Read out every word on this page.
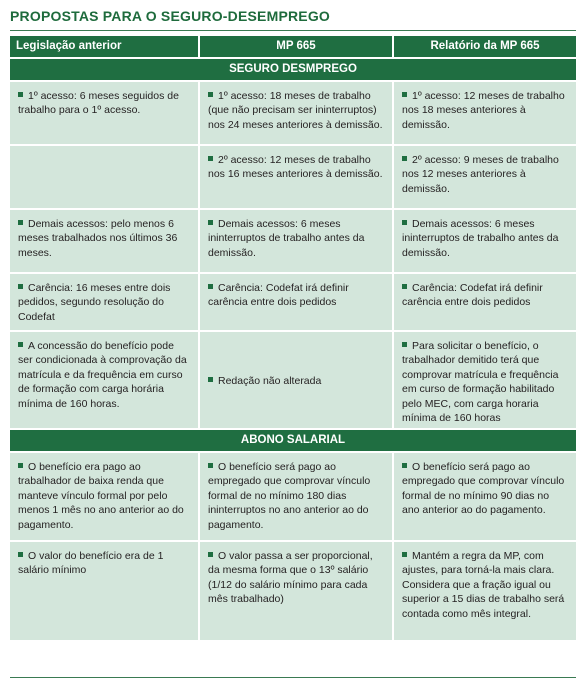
PROPOSTAS PARA O SEGURO-DESEMPREGO
Legislação anterior	MP 665	Relatório da MP 665
SEGURO DESMPREGO
1º acesso: 6 meses seguidos de trabalho para o 1º acesso.
1º acesso: 18 meses de trabalho (que não precisam ser ininterruptos) nos 24 meses anteriores à demissão.
1º acesso: 12 meses de trabalho nos 18 meses anteriores à demissão.
2º acesso: 12 meses de trabalho nos 16 meses anteriores à demissão.
2º acesso: 9 meses de trabalho nos 12 meses anteriores à demissão.
Demais acessos: pelo menos 6 meses trabalhados nos últimos 36 meses.
Demais acessos: 6 meses ininterruptos de trabalho antes da demissão.
Demais acessos: 6 meses ininterruptos de trabalho antes da demissão.
Carência: 16 meses entre dois pedidos, segundo resolução do Codefat
Carência: Codefat irá definir carência entre dois pedidos
Carência: Codefat irá definir carência entre dois pedidos
A concessão do benefício pode ser condicionada à comprovação da matrícula e da frequência em curso de formação com carga horária mínima de 160 horas.
Redação não alterada
Para solicitar o benefício, o trabalhador demitido terá que comprovar matrícula e frequência em curso de formação habilitado pelo MEC, com carga horaria mínima de 160 horas
ABONO SALARIAL
O benefício era pago ao trabalhador de baixa renda que manteve vínculo formal por pelo menos 1 mês no ano anterior ao do pagamento.
O benefício será pago ao empregado que comprovar vínculo formal de no mínimo 180 dias ininterruptos no ano anterior ao do pagamento.
O benefício será pago ao empregado que comprovar vínculo formal de no mínimo 90 dias no ano anterior ao do pagamento.
O valor do benefício era de 1 salário mínimo
O valor passa a ser proporcional, da mesma forma que o 13º salário (1/12 do salário mínimo para cada mês trabalhado)
Mantém a regra da MP, com ajustes, para torná-la mais clara. Considera que a fração igual ou superior a 15 dias de trabalho será contada como mês integral.
